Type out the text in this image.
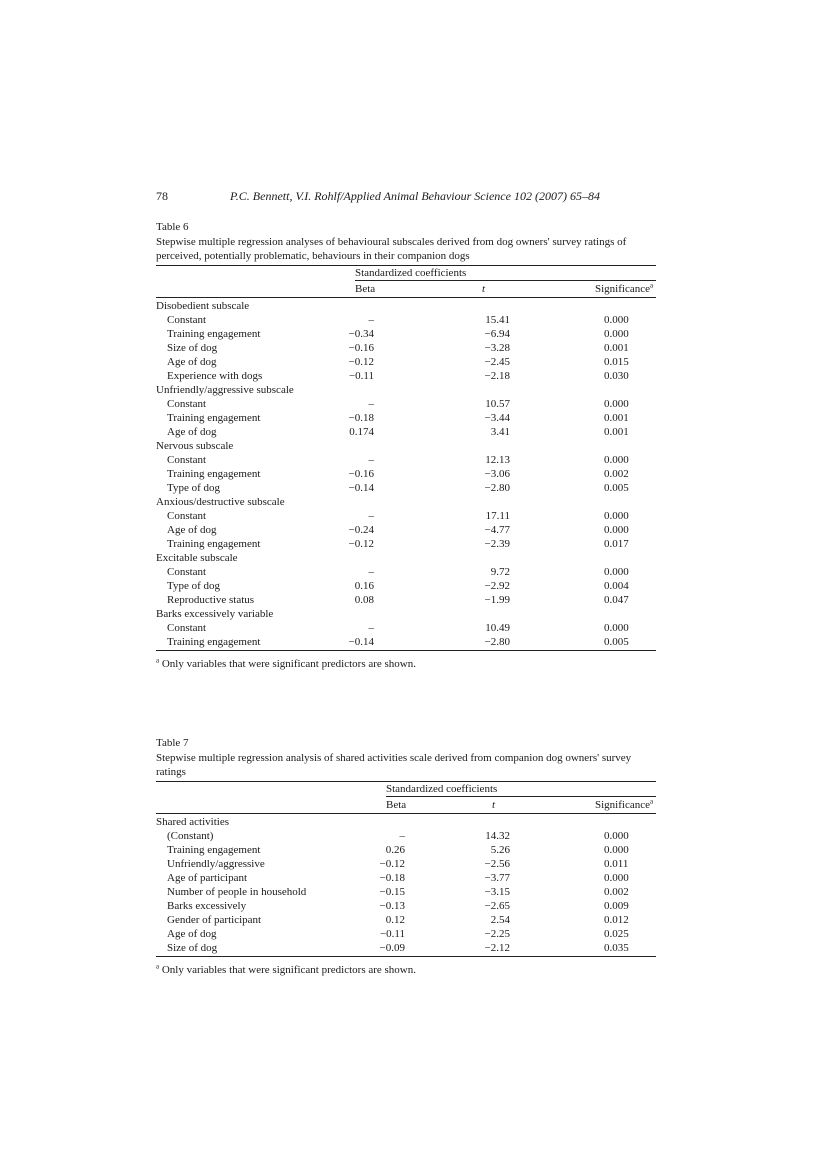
78	P.C. Bennett, V.I. Rohlf/Applied Animal Behaviour Science 102 (2007) 65–84

Table 6

Stepwise multiple regression analyses of behavioural subscales derived from dog owners' survey ratings of perceived, potentially problematic, behaviours in their companion dogs

Standardized coefficients
Beta	t	Significance$^a$
Disobedient subscale
Constant	–	15.41	0.000
Training engagement	−0.34	−6.94	0.000
Size of dog	−0.16	−3.28	0.001
Age of dog	−0.12	−2.45	0.015
Experience with dogs	−0.11	−2.18	0.030
Unfriendly/aggressive subscale
Constant	–	10.57	0.000
Training engagement	−0.18	−3.44	0.001
Age of dog	0.174	3.41	0.001
Nervous subscale
Constant	–	12.13	0.000
Training engagement	−0.16	−3.06	0.002
Type of dog	−0.14	−2.80	0.005
Anxious/destructive subscale
Constant	–	17.11	0.000
Age of dog	−0.24	−4.77	0.000
Training engagement	−0.12	−2.39	0.017
Excitable subscale
Constant	–	9.72	0.000
Type of dog	0.16	−2.92	0.004
Reproductive status	0.08	−1.99	0.047
Barks excessively variable
Constant	–	10.49	0.000
Training engagement	−0.14	−2.80	0.005
$^a$ Only variables that were significant predictors are shown.

Table 7

Stepwise multiple regression analysis of shared activities scale derived from companion dog owners' survey ratings

Standardized coefficients
Beta	t	Significance$^a$
Shared activities
(Constant)	–	14.32	0.000
Training engagement	0.26	5.26	0.000
Unfriendly/aggressive	−0.12	−2.56	0.011
Age of participant	−0.18	−3.77	0.000
Number of people in household	−0.15	−3.15	0.002
Barks excessively	−0.13	−2.65	0.009
Gender of participant	0.12	2.54	0.012
Age of dog	−0.11	−2.25	0.025
Size of dog	−0.09	−2.12	0.035
$^a$ Only variables that were significant predictors are shown.
